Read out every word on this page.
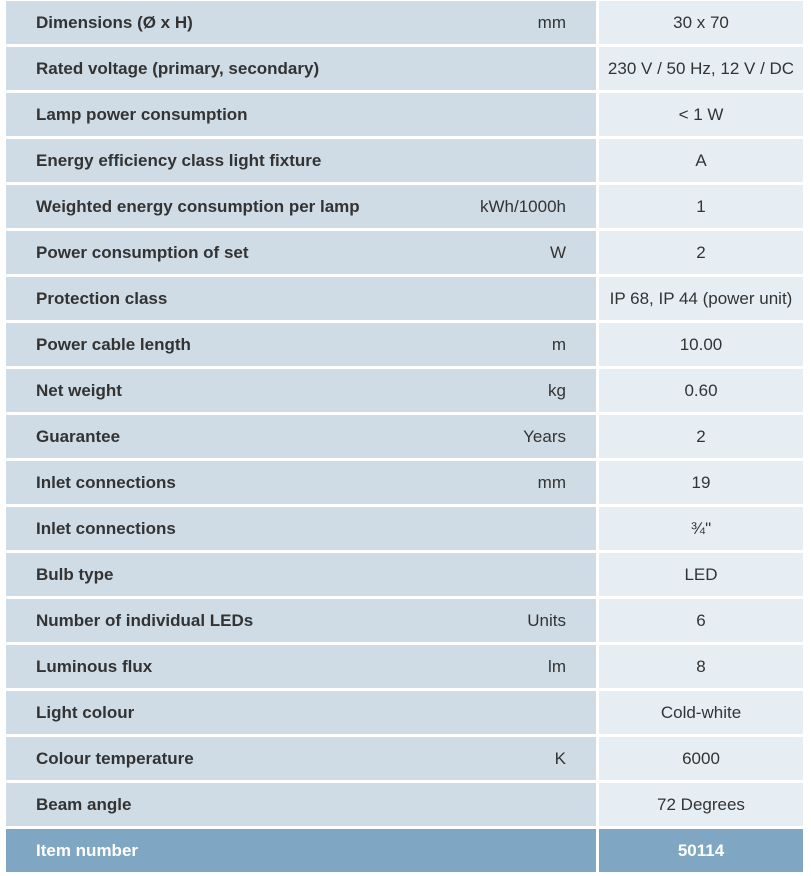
Dimensions (Ø x H)	mm	30 x 70
Rated voltage (primary, secondary)		230 V / 50 Hz, 12 V / DC
Lamp power consumption		< 1 W
Energy efficiency class light fixture		A
Weighted energy consumption per lamp	kWh/1000h	1
Power consumption of set	W	2
Protection class		IP 68, IP 44 (power unit)
Power cable length	m	10.00
Net weight	kg	0.60
Guarantee	Years	2
Inlet connections	mm	19
Inlet connections		¾"
Bulb type		LED
Number of individual LEDs	Units	6
Luminous flux	lm	8
Light colour		Cold-white
Colour temperature	K	6000
Beam angle		72 Degrees
Item number		50114
